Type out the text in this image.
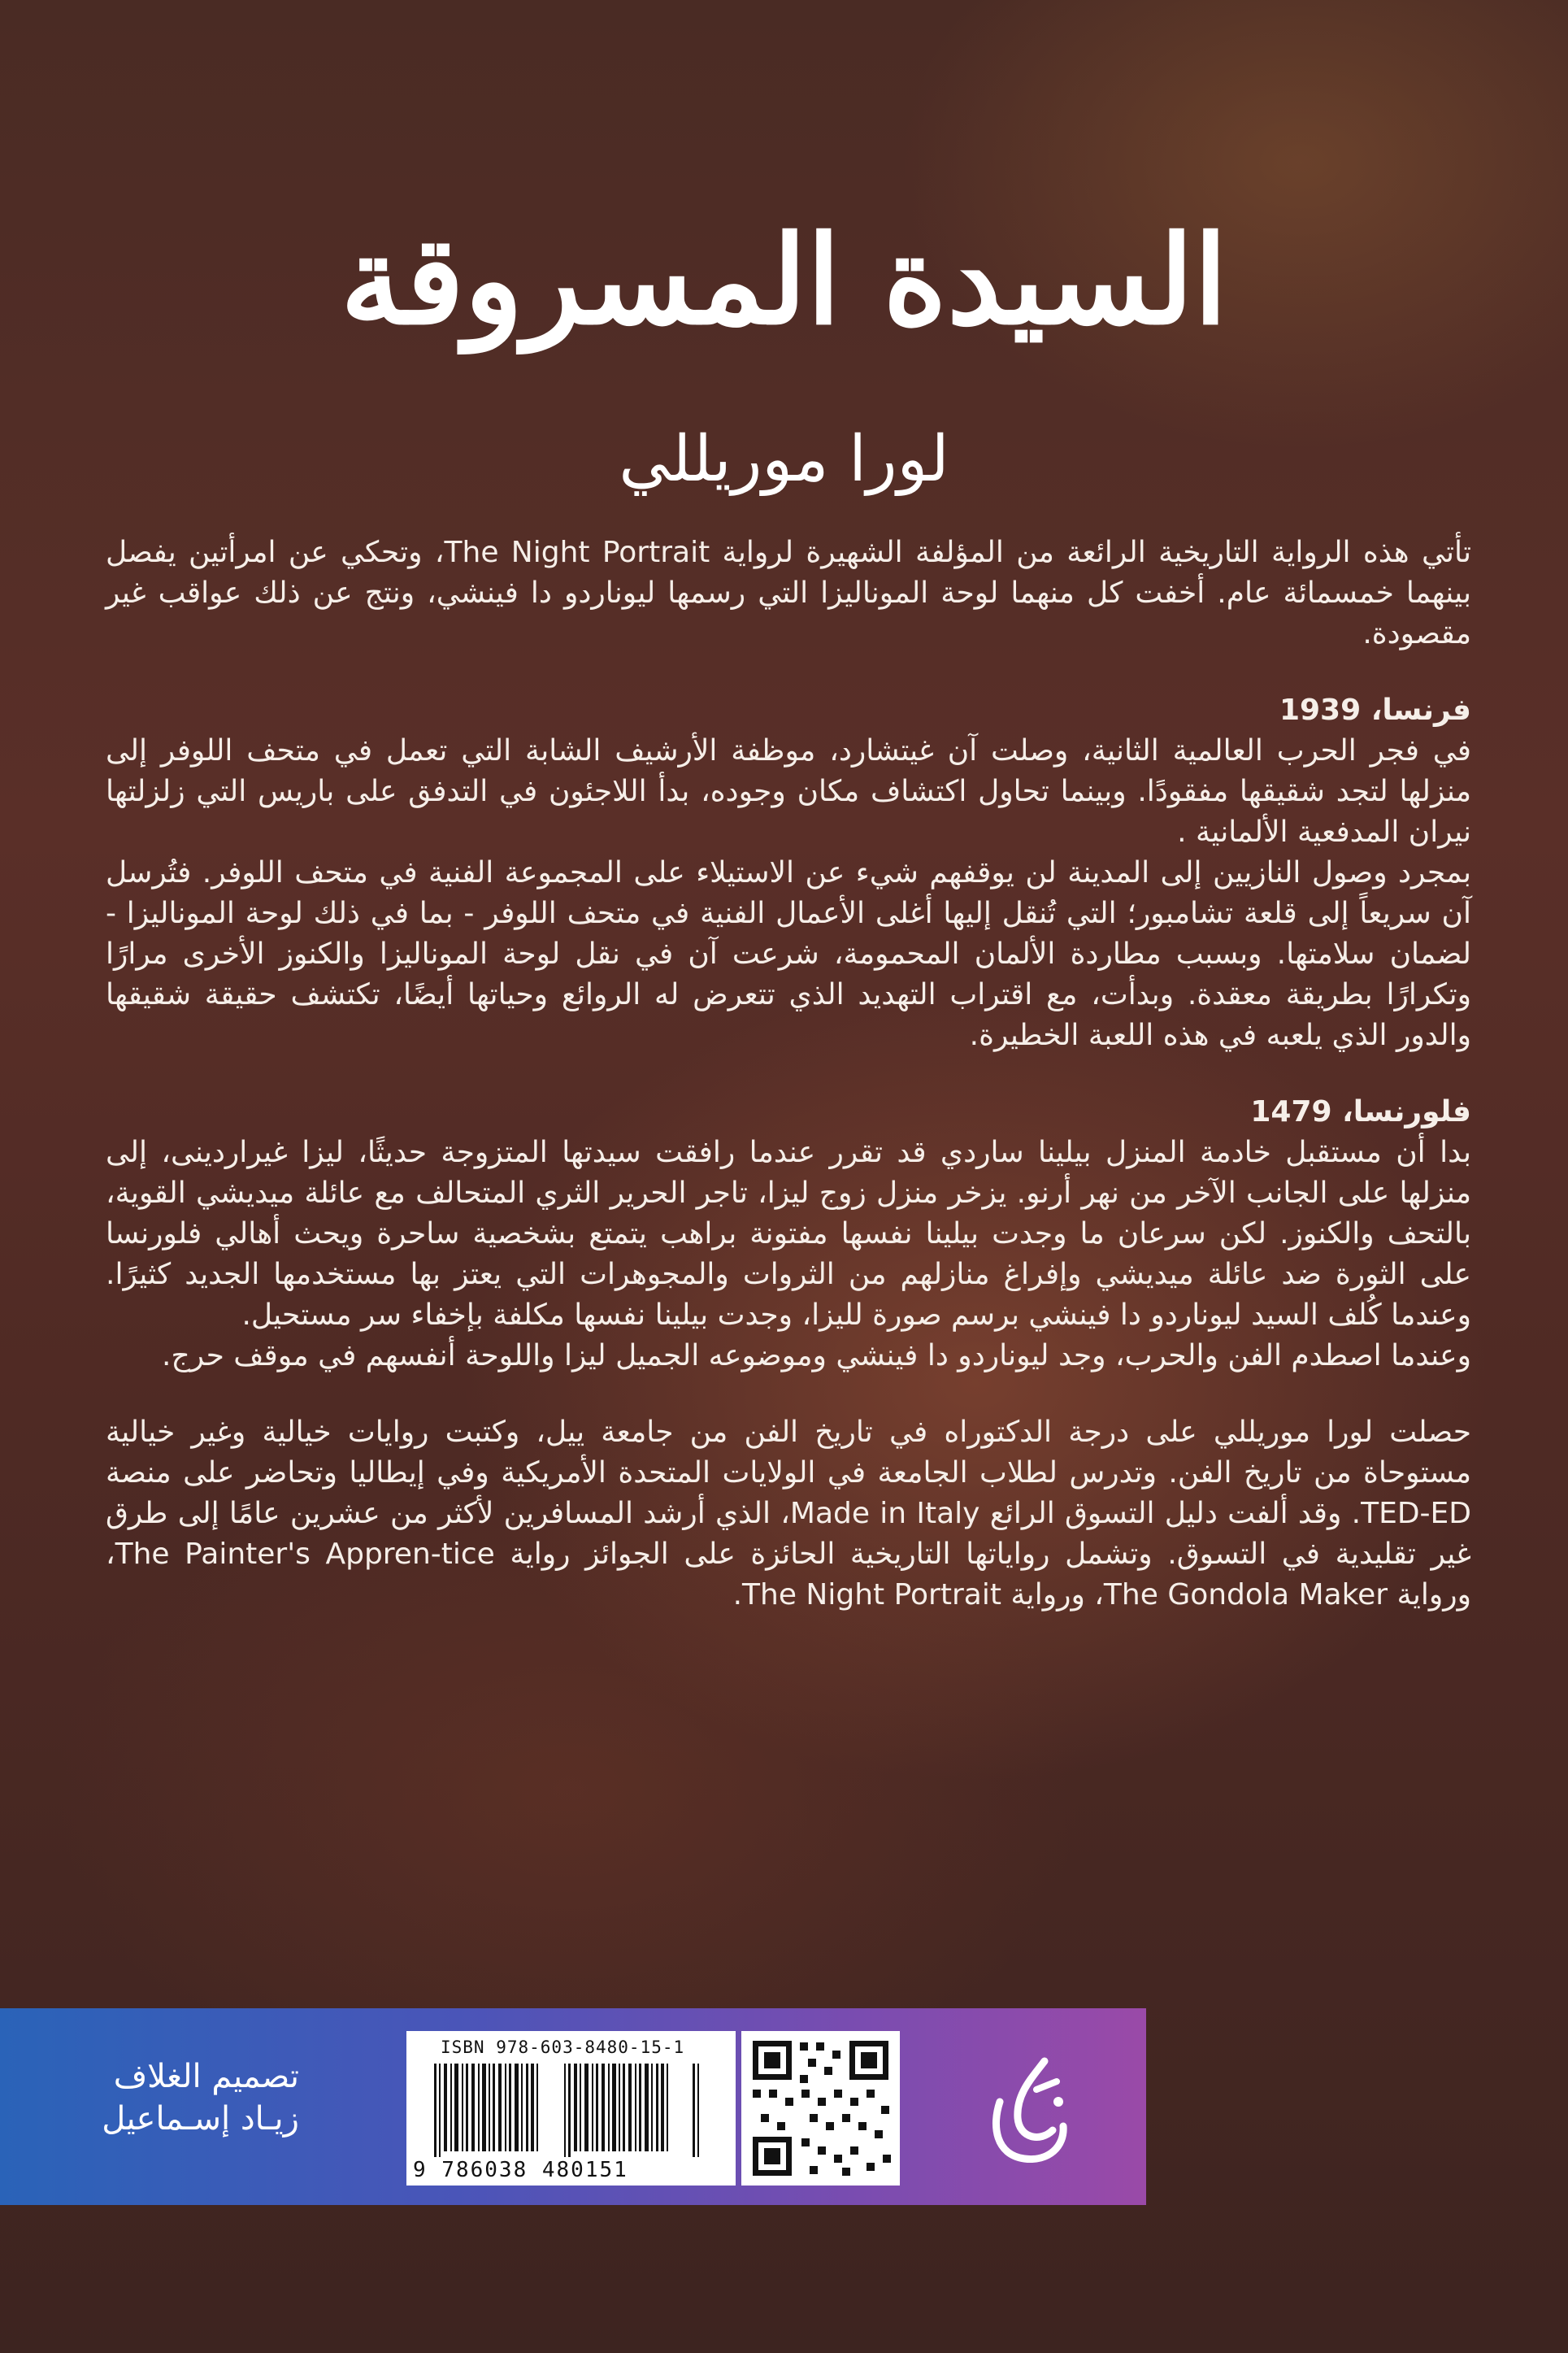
السيدة المسروقة
لورا موريللي

تأتي هذه الرواية التاريخية الرائعة من المؤلفة الشهيرة لرواية The Night Portrait، وتحكي عن امرأتين يفصل بينهما خمسمائة عام. أخفت كل منهما لوحة الموناليزا التي رسمها ليوناردو دا فينشي، ونتج عن ذلك عواقب غير مقصودة.

فرنسا، 1939

في فجر الحرب العالمية الثانية، وصلت آن غيتشارد، موظفة الأرشيف الشابة التي تعمل في متحف اللوفر إلى منزلها لتجد شقيقها مفقودًا. وبينما تحاول اكتشاف مكان وجوده، بدأ اللاجئون في التدفق على باريس التي زلزلتها نيران المدفعية الألمانية .

بمجرد وصول النازيين إلى المدينة لن يوقفهم شيء عن الاستيلاء على المجموعة الفنية في متحف اللوفر. فتُرسل آن سريعاً إلى قلعة تشامبور؛ التي تُنقل إليها أغلى الأعمال الفنية في متحف اللوفر - بما في ذلك لوحة الموناليزا - لضمان سلامتها. وبسبب مطاردة الألمان المحمومة، شرعت آن في نقل لوحة الموناليزا والكنوز الأخرى مرارًا وتكرارًا بطريقة معقدة. وبدأت، مع اقتراب التهديد الذي تتعرض له الروائع وحياتها أيضًا، تكتشف حقيقة شقيقها والدور الذي يلعبه في هذه اللعبة الخطيرة.

فلورنسا، 1479

بدا أن مستقبل خادمة المنزل بيلينا ساردي قد تقرر عندما رافقت سيدتها المتزوجة حديثًا، ليزا غيراردينى، إلى منزلها على الجانب الآخر من نهر أرنو. يزخر منزل زوج ليزا، تاجر الحرير الثري المتحالف مع عائلة ميديشي القوية، بالتحف والكنوز. لكن سرعان ما وجدت بيلينا نفسها مفتونة براهب يتمتع بشخصية ساحرة ويحث أهالي فلورنسا على الثورة ضد عائلة ميديشي وإفراغ منازلهم من الثروات والمجوهرات التي يعتز بها مستخدمها الجديد كثيرًا. وعندما كُلف السيد ليوناردو دا فينشي برسم صورة لليزا، وجدت بيلينا نفسها مكلفة بإخفاء سر مستحيل.

وعندما اصطدم الفن والحرب، وجد ليوناردو دا فينشي وموضوعه الجميل ليزا واللوحة أنفسهم في موقف حرج.

حصلت لورا موريللي على درجة الدكتوراه في تاريخ الفن من جامعة ييل، وكتبت روايات خيالية وغير خيالية مستوحاة من تاريخ الفن. وتدرس لطلاب الجامعة في الولايات المتحدة الأمريكية وفي إيطاليا وتحاضر على منصة TED-ED. وقد ألفت دليل التسوق الرائع Made in Italy، الذي أرشد المسافرين لأكثر من عشرين عامًا إلى طرق غير تقليدية في التسوق. وتشمل رواياتها التاريخية الحائزة على الجوائز رواية The Painter's Appren-tice، ورواية The Gondola Maker، ورواية The Night Portrait.

تصميم الغلاف

زيـاد إسـماعيل

ISBN 978-603-8480-15-1
9 786038 480151
